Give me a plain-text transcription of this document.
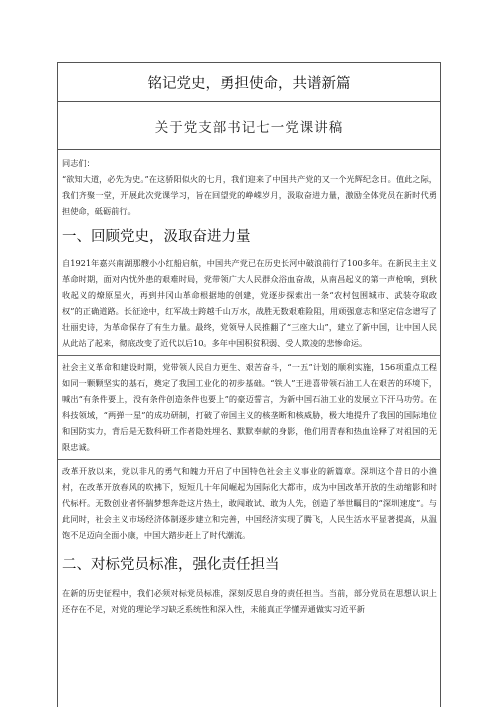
铭记党史，勇担使命，共谱新篇
关于党支部书记七一党课讲稿

同志们：

“欲知大道，必先为史。”在这骄阳似火的七月，我们迎来了中国共产党的又一个光辉纪念日。值此之际，我们齐聚一堂，开展此次党课学习，旨在回望党的峥嵘岁月，汲取奋进力量，激励全体党员在新时代勇担使命，砥砺前行。

一、回顾党史，汲取奋进力量

自1921年嘉兴南湖那艘小小红船启航，中国共产党已在历史长河中破浪前行了100多年。在新民主主义革命时期，面对内忧外患的艰难时局，党带领广大人民群众浴血奋战，从南昌起义的第一声枪响，到秋收起义的燎原星火，再到井冈山革命根据地的创建，党逐步探索出一条“农村包围城市、武装夺取政权”的正确道路。长征途中，红军战士跨越千山万水，战胜无数艰难险阻，用顽强意志和坚定信念谱写了壮丽史诗，为革命保存了有生力量。最终，党领导人民推翻了“三座大山”，建立了新中国，让中国人民从此站了起来，彻底改变了近代以后10。多年中国积贫积弱、受人欺凌的悲惨命运。

社会主义革命和建设时期，党带领人民自力更生、艰苦奋斗，“一五”计划的顺利实施，156项重点工程如同一颗颗坚实的基石，奠定了我国工业化的初步基础。“铁人”王进喜带领石油工人在艰苦的环境下，喊出“有条件要上，没有条件创造条件也要上”的豪迈誓言，为新中国石油工业的发展立下汗马功劳。在科技领域，“两弹一星”的成功研制，打破了帝国主义的核垄断和核威胁，极大地提升了我国的国际地位和国防实力，背后是无数科研工作者隐姓埋名、默默奉献的身影，他们用青春和热血诠释了对祖国的无限忠诚。

改革开放以来，党以非凡的勇气和魄力开启了中国特色社会主义事业的新篇章。深圳这个昔日的小渔村，在改革开放春风的吹拂下，短短几十年间崛起为国际化大都市，成为中国改革开放的生动缩影和时代标杆。无数创业者怀揣梦想奔赴这片热土，敢闯敢试、敢为人先，创造了举世瞩目的“深圳速度”。与此同时，社会主义市场经济体制逐步建立和完善，中国经济实现了腾飞，人民生活水平显著提高，从温饱不足迈向全面小康，中国大踏步赶上了时代潮流。

二、对标党员标准，强化责任担当

在新的历史征程中，我们必须对标党员标准，深刻反思自身的责任担当。当前，部分党员在思想认识上还存在不足，对党的理论学习缺乏系统性和深入性，未能真正学懂弄通做实习近平新
